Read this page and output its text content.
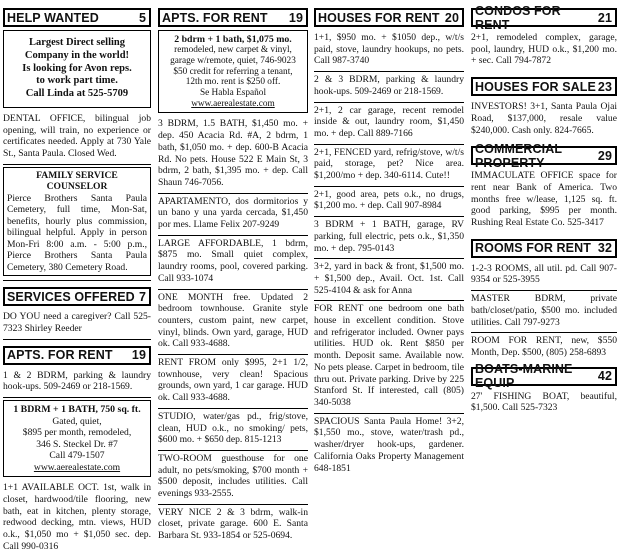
HELP WANTED	5
Largest Direct selling
Company in the world!
Is looking for Avon reps.
to work part time.
Call Linda at 525-5709
DENTAL OFFICE, bilingual job opening, will train, no experience or certificates needed. Apply at 730 Yale St., Santa Paula. Closed Wed.
FAMILY SERVICE
COUNSELOR
Pierce Brothers Santa Paula Cemetery, full time, Mon-Sat, benefits, hourly plus commission, bilingual helpful. Apply in person Mon-Fri 8:00 a.m. - 5:00 p.m., Pierce Brothers Santa Paula Cemetery, 380 Cemetery Road.
SERVICES OFFERED 7
DO YOU need a caregiver? Call 525-7323 Shirley Reeder
APTS. FOR RENT 19
1 & 2 BDRM, parking & laundry hook-ups. 509-2469 or 218-1569.
1 BDRM + 1 BATH, 750 sq. ft.
Gated, quiet,
$895 per month, remodeled,
346 S. Steckel Dr. #7
Call 479-1507
www.aerealestate.com
1+1 AVAILABLE OCT. 1st, walk in closet, hardwood/tile flooring, new bath, eat in kitchen, plenty storage, redwood decking, mtn. views, HUD o.k., $1,050 mo + $1,050 sec. dep. Call 990-0316
APTS. FOR RENT 19
2 bdrm + 1 bath, $1,075 mo.
remodeled, new carpet & vinyl,
garage w/remote, quiet, 746-9023
$50 credit for referring a tenant,
12th mo. rent is $250 off.
Se Habla Español
www.aerealestate.com
3 BDRM, 1.5 BATH, $1,450 mo. + dep. 450 Acacia Rd. #A, 2 bdrm, 1 bath, $1,050 mo. + dep. 600-B Acacia Rd. No pets. House 522 E Main St, 3 bdrm, 2 bath, $1,395 mo. + dep. Call Shaun 746-7056.
APARTAMENTO, dos dormitorios y un bano y una yarda cercada, $1,450 por mes. Llame Felix 207-9249
LARGE AFFORDABLE, 1 bdrm, $875 mo. Small quiet complex, laundry rooms, pool, covered parking. Call 933-1074
ONE MONTH free. Updated 2 bedroom townhouse. Granite style counters, custom paint, new carpet, vinyl, blinds. Own yard, garage, HUD ok. Call 933-4688.
RENT FROM only $995, 2+1 1/2, townhouse, very clean! Spacious grounds, own yard, 1 car garage. HUD ok. Call 933-4688.
STUDIO, water/gas pd., frig/stove, clean, HUD o.k., no smoking/ pets, $600 mo. + $650 dep. 815-1213
TWO-ROOM guesthouse for one adult, no pets/smoking, $700 month + $500 deposit, includes utilities. Call evenings 933-2555.
VERY NICE 2 & 3 bdrm, walk-in closet, private garage. 600 E. Santa Barbara St. 933-1854 or 525-0694.
HOUSES FOR RENT 20
1+1, $950 mo. + $1050 dep., w/t/s paid, stove, laundry hookups, no pets. Call 987-3740
2 & 3 BDRM, parking & laundry hook-ups. 509-2469 or 218-1569.
2+1, 2 car garage, recent remodel inside & out, laundry room, $1,450 mo. + dep. Call 889-7166
2+1, FENCED yard, refrig/stove, w/t/s paid, storage, pet? Nice area. $1,200/mo + dep. 340-6114. Cute!!
2+1, good area, pets o.k., no drugs, $1,200 mo. + dep. Call 907-8984
3 BDRM + 1 BATH, garage, RV parking, full electric, pets o.k., $1,350 mo. + dep. 795-0143
3+2, yard in back & front, $1,500 mo. + $1,500 dep., Avail. Oct. 1st. Call 525-4104 & ask for Anna
FOR RENT one bedroom one bath house in excellent condition. Stove and refrigerator included. Owner pays utilities. HUD ok. Rent $850 per month. Deposit same. Available now. No pets please. Carpet in bedroom, tile thru out. Private parking. Drive by 225 Stanford St. If interested, call (805) 340-5038
SPACIOUS Santa Paula Home! 3+2, $1,550 mo., stove, water/trash pd., washer/dryer hook-ups, gardener. California Oaks Property Management 648-1851
CONDOS FOR RENT	21
2+1, remodeled complex, garage, pool, laundry, HUD o.k., $1,200 mo. + sec. Call 794-7872
HOUSES FOR SALE 23
INVESTORS! 3+1, Santa Paula Ojai Road, $137,000, resale value $240,000. Cash only. 824-7665.
COMMERCIAL PROPERTY	29
IMMACULATE OFFICE space for rent near Bank of America. Two months free w/lease, 1,125 sq. ft. good parking, $995 per month. Rushing Real Estate Co. 525-3417
ROOMS FOR RENT 32
1-2-3 ROOMS, all util. pd. Call 907-9354 or 525-3955
MASTER BDRM, private bath/closet/patio, $500 mo. included utilities. Call 797-9273
ROOM FOR RENT, new, $550 Month, Dep. $500, (805) 258-6893
BOATS-MARINE EQUIP	42
27' FISHING BOAT, beautiful, $1,500. Call 525-7323
